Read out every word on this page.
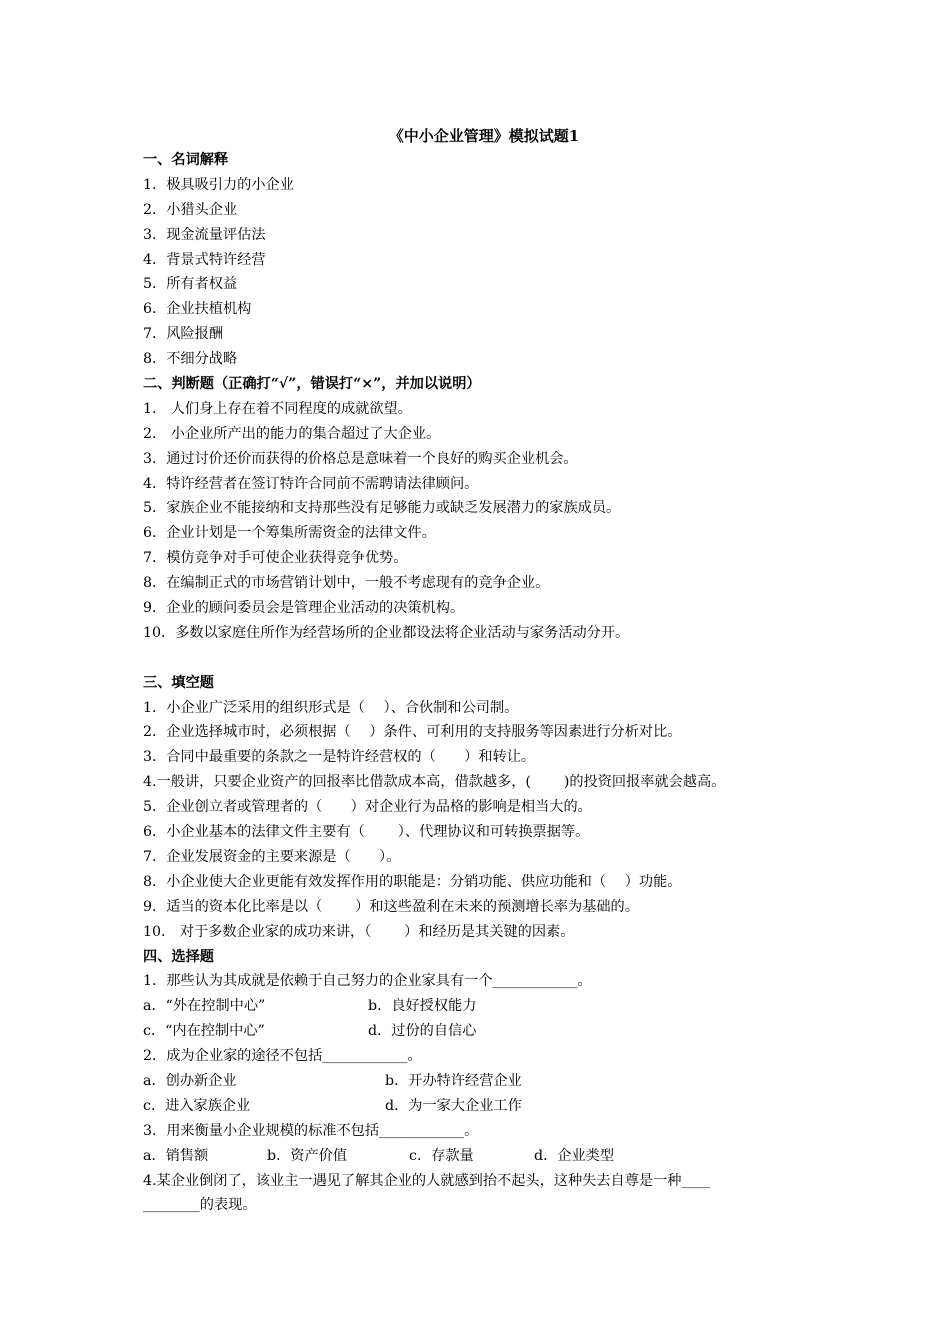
《中小企业管理》模拟试题1
一、名词解释
1．极具吸引力的小企业
2．小猎头企业
3．现金流量评估法
4．背景式特许经营
5．所有者权益
6．企业扶植机构
7．风险报酬
8．不细分战略
二、判断题（正确打“√”，错误打“×”，并加以说明）
1． 人们身上存在着不同程度的成就欲望。
2． 小企业所产出的能力的集合超过了大企业。
3．通过讨价还价而获得的价格总是意味着一个良好的购买企业机会。
4．特许经营者在签订特许合同前不需聘请法律顾问。
5．家族企业不能接纳和支持那些没有足够能力或缺乏发展潜力的家族成员。
6．企业计划是一个筹集所需资金的法律文件。
7．模仿竞争对手可使企业获得竞争优势。
8．在编制正式的市场营销计划中，一般不考虑现有的竞争企业。
9．企业的顾问委员会是管理企业活动的决策机构。
10．多数以家庭住所作为经营场所的企业都设法将企业活动与家务活动分开。
三、填空题
1．小企业广泛采用的组织形式是（　 ）、合伙制和公司制。
2．企业选择城市时，必须根据（　 ）条件、可利用的支持服务等因素进行分析对比。
3．合同中最重要的条款之一是特许经营权的（　　）和转让。
4.一般讲，只要企业资产的回报率比借款成本高，借款越多，(　　 )的投资回报率就会越高。
5．企业创立者或管理者的（　　）对企业行为品格的影响是相当大的。
6．小企业基本的法律文件主要有（　　 ）、代理协议和可转换票据等。
7．企业发展资金的主要来源是（　　）。
8．小企业使大企业更能有效发挥作用的职能是：分销功能、供应功能和（　 ）功能。
9．适当的资本化比率是以（　　 ）和这些盈利在未来的预测增长率为基础的。
10． 对于多数企业家的成功来讲，（　　 ）和经历是其关键的因素。
四、选择题
1．那些认为其成就是依赖于自己努力的企业家具有一个____________。
a．“外在控制中心”	b．良好授权能力
c．“内在控制中心”	d．过份的自信心
2．成为企业家的途径不包括____________。
a．创办新企业	b．开办特许经营企业
c．进入家族企业	d．为一家大企业工作
3．用来衡量小企业规模的标准不包括____________。
a．销售额	b．资产价值	c．存款量	d．企业类型
4.某企业倒闭了，该业主一遇见了解其企业的人就感到抬不起头，这种失去自尊是一种____
________的表现。
